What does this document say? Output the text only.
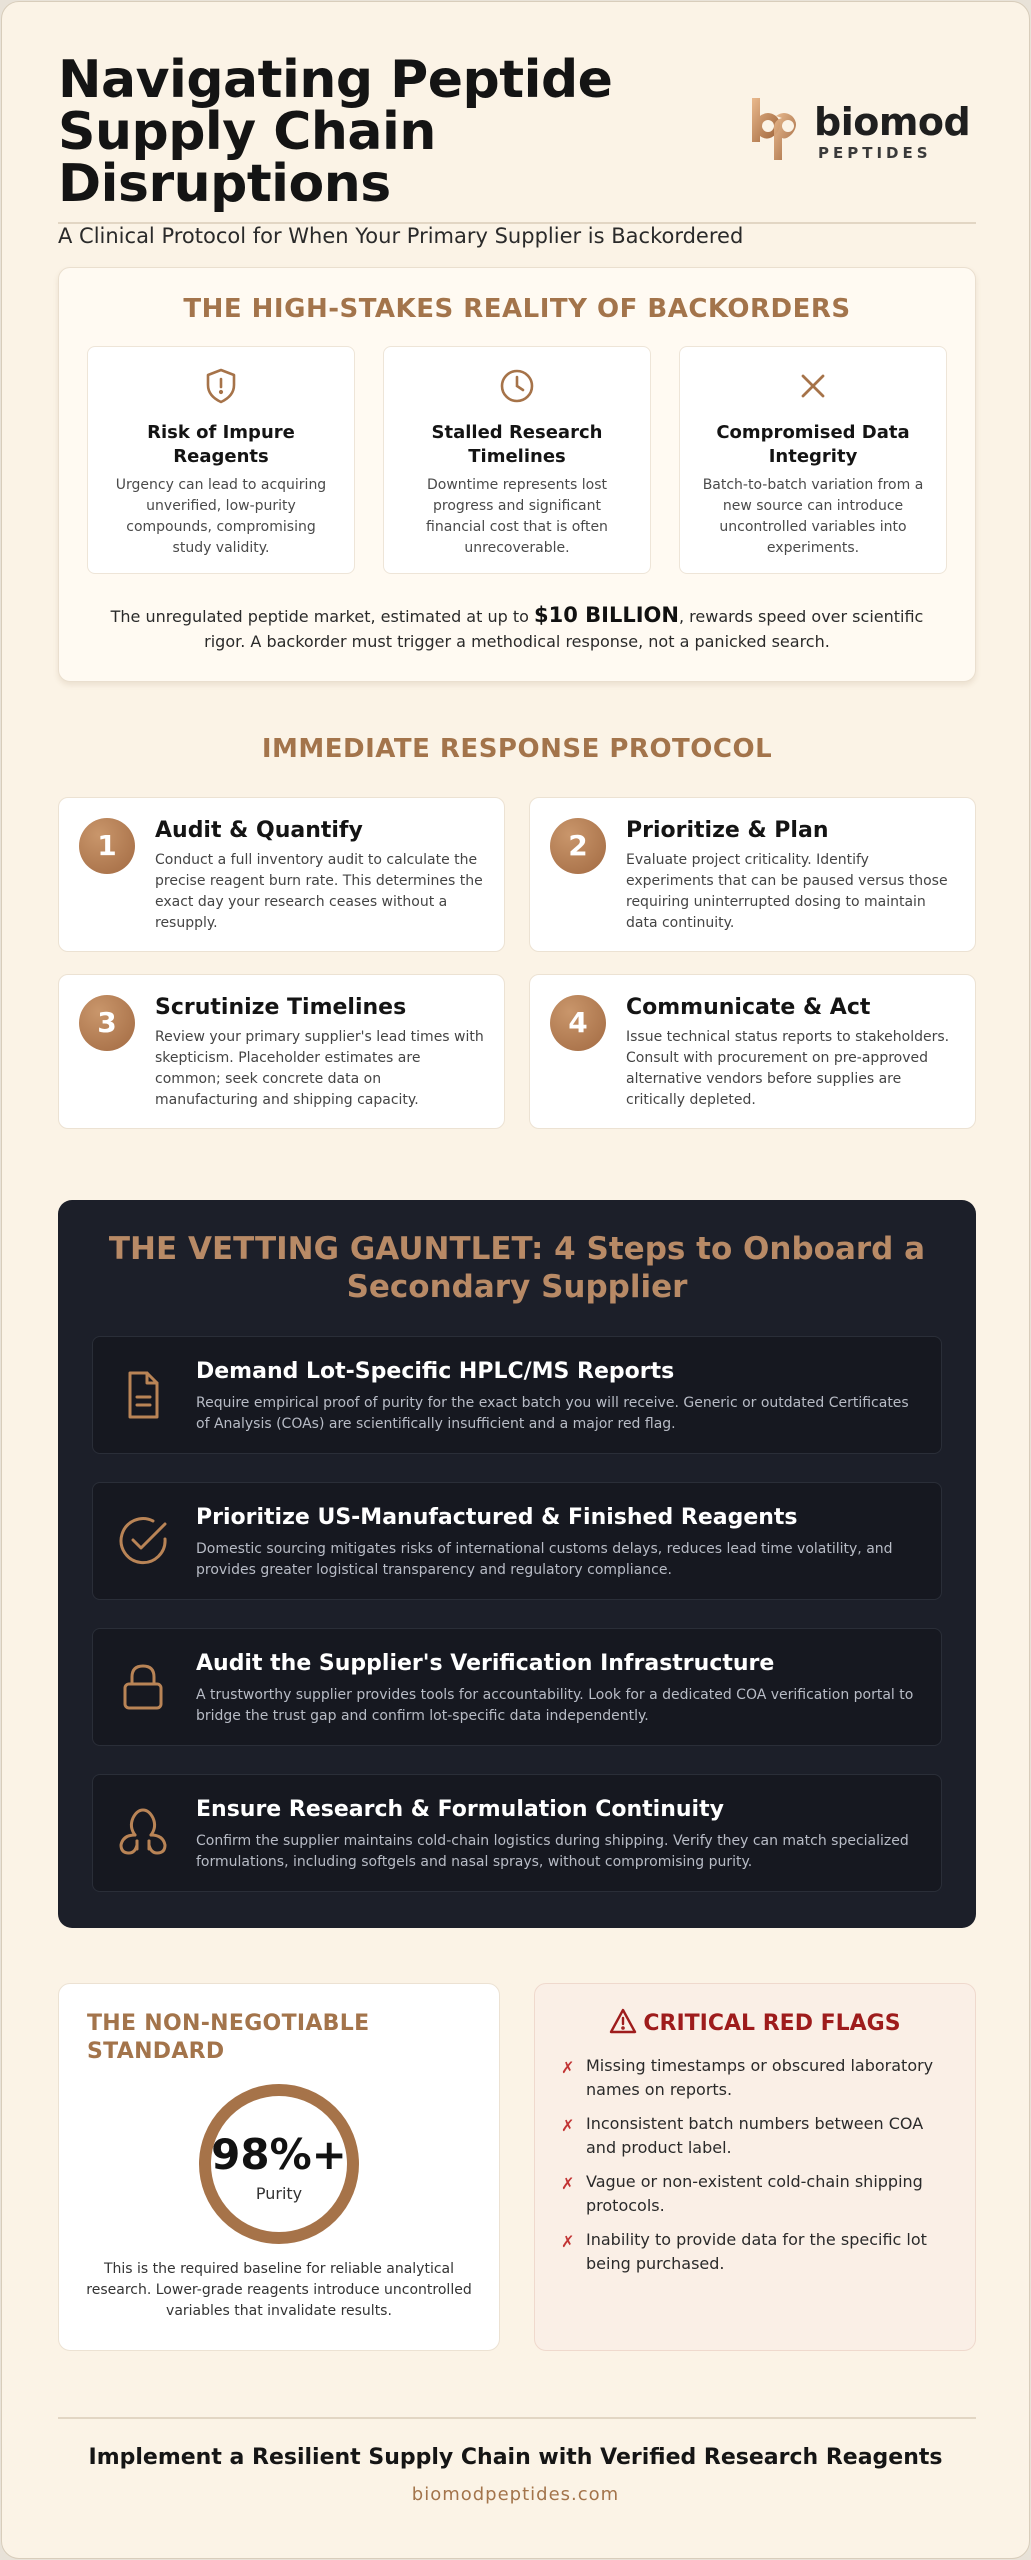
Navigating Peptide
Supply Chain Disruptions
A Clinical Protocol for When Your Primary Supplier is Backordered
biomod
PEPTIDES
THE HIGH-STAKES REALITY OF BACKORDERS
Risk of Impure Reagents
Urgency can lead to acquiring unverified, low-purity compounds, compromising study validity.
Stalled Research Timelines
Downtime represents lost progress and significant financial cost that is often unrecoverable.
Compromised Data Integrity
Batch-to-batch variation from a new source can introduce uncontrolled variables into experiments.
The unregulated peptide market, estimated at up to $10 BILLION, rewards speed over scientific rigor. A backorder must trigger a methodical response, not a panicked search.
IMMEDIATE RESPONSE PROTOCOL
1	Audit & Quantify
Conduct a full inventory audit to calculate the precise reagent burn rate. This determines the exact day your research ceases without a resupply.
2	Prioritize & Plan
Evaluate project criticality. Identify experiments that can be paused versus those requiring uninterrupted dosing to maintain data continuity.
3	Scrutinize Timelines
Review your primary supplier's lead times with skepticism. Placeholder estimates are common; seek concrete data on manufacturing and shipping capacity.
4	Communicate & Act
Issue technical status reports to stakeholders. Consult with procurement on pre-approved alternative vendors before supplies are critically depleted.
THE VETTING GAUNTLET: 4 Steps to Onboard a Secondary Supplier
Demand Lot-Specific HPLC/MS Reports
Require empirical proof of purity for the exact batch you will receive. Generic or outdated Certificates of Analysis (COAs) are scientifically insufficient and a major red flag.
Prioritize US-Manufactured & Finished Reagents
Domestic sourcing mitigates risks of international customs delays, reduces lead time volatility, and provides greater logistical transparency and regulatory compliance.
Audit the Supplier's Verification Infrastructure
A trustworthy supplier provides tools for accountability. Look for a dedicated COA verification portal to bridge the trust gap and confirm lot-specific data independently.
Ensure Research & Formulation Continuity
Confirm the supplier maintains cold-chain logistics during shipping. Verify they can match specialized formulations, including softgels and nasal sprays, without compromising purity.
THE NON-NEGOTIABLE STANDARD
98%+
Purity
This is the required baseline for reliable analytical research. Lower-grade reagents introduce uncontrolled variables that invalidate results.
CRITICAL RED FLAGS
✗ Missing timestamps or obscured laboratory names on reports.
✗ Inconsistent batch numbers between COA and product label.
✗ Vague or non-existent cold-chain shipping protocols.
✗ Inability to provide data for the specific lot being purchased.
Implement a Resilient Supply Chain with Verified Research Reagents
biomodpeptides.com
